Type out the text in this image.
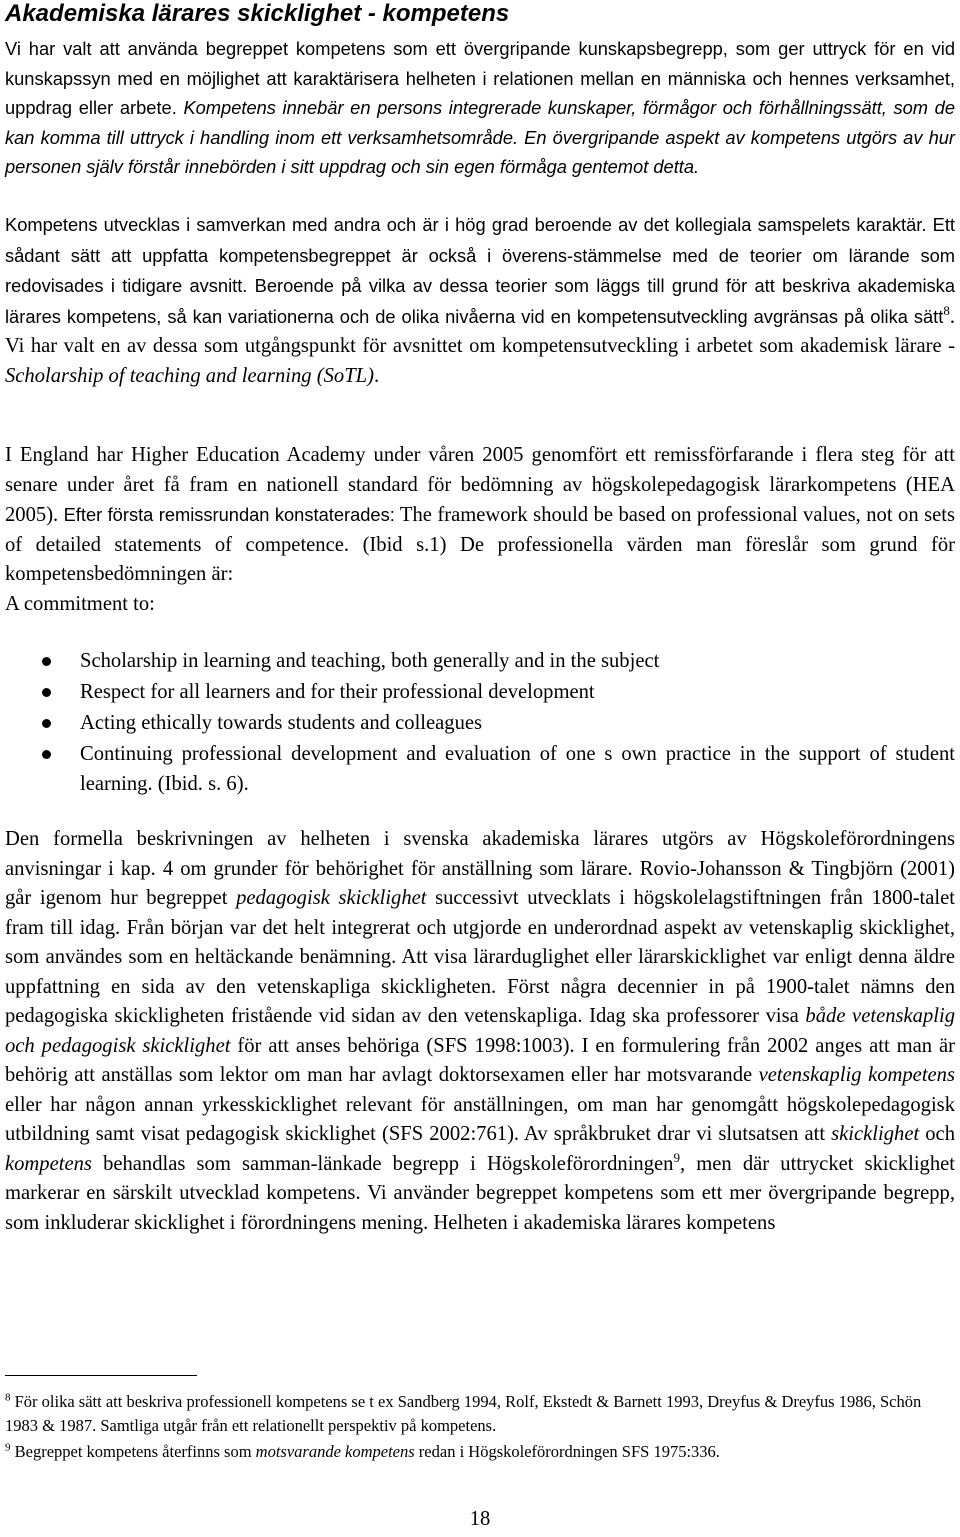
Akademiska lärares skicklighet - kompetens

Vi har valt att använda begreppet kompetens som ett övergripande kunskapsbegrepp, som ger uttryck för en vid kunskapssyn med en möjlighet att karaktärisera helheten i relationen mellan en människa och hennes verksamhet, uppdrag eller arbete. Kompetens innebär en persons integrerade kunskaper, förmågor och förhållningssätt, som de kan komma till uttryck i handling inom ett verksamhetsområde. En övergripande aspekt av kompetens utgörs av hur personen själv förstår innebörden i sitt uppdrag och sin egen förmåga gentemot detta.

Kompetens utvecklas i samverkan med andra och är i hög grad beroende av det kollegiala samspelets karaktär. Ett sådant sätt att uppfatta kompetensbegreppet är också i överens-stämmelse med de teorier om lärande som redovisades i tidigare avsnitt. Beroende på vilka av dessa teorier som läggs till grund för att beskriva akademiska lärares kompetens, så kan variationerna och de olika nivåerna vid en kompetensutveckling avgränsas på olika sätt$^8$. Vi har valt en av dessa som utgångspunkt för avsnittet om kompetensutveckling i arbetet som akademisk lärare - Scholarship of teaching and learning (SoTL).

I England har Higher Education Academy under våren 2005 genomfört ett remissförfarande i flera steg för att senare under året få fram en nationell standard för bedömning av högskolepedagogisk lärarkompetens (HEA 2005). Efter första remissrundan konstaterades: The framework should be based on professional values, not on sets of detailed statements of competence. (Ibid s.1) De professionella värden man föreslår som grund för kompetensbedömningen är:
A commitment to:

Scholarship in learning and teaching, both generally and in the subject
Respect for all learners and for their professional development
Acting ethically towards students and colleagues
Continuing professional development and evaluation of one s own practice in the support of student learning. (Ibid. s. 6).

Den formella beskrivningen av helheten i svenska akademiska lärares utgörs av Högskoleförordningens anvisningar i kap. 4 om grunder för behörighet för anställning som lärare. Rovio-Johansson & Tingbjörn (2001) går igenom hur begreppet pedagogisk skicklighet successivt utvecklats i högskolelagstiftningen från 1800-talet fram till idag. Från början var det helt integrerat och utgjorde en underordnad aspekt av vetenskaplig skicklighet, som användes som en heltäckande benämning. Att visa lärarduglighet eller lärarskicklighet var enligt denna äldre uppfattning en sida av den vetenskapliga skickligheten. Först några decennier in på 1900-talet nämns den pedagogiska skickligheten fristående vid sidan av den vetenskapliga. Idag ska professorer visa både vetenskaplig och pedagogisk skicklighet för att anses behöriga (SFS 1998:1003). I en formulering från 2002 anges att man är behörig att anställas som lektor om man har avlagt doktorsexamen eller har motsvarande vetenskaplig kompetens eller har någon annan yrkesskicklighet relevant för anställningen, om man har genomgått högskolepedagogisk utbildning samt visat pedagogisk skicklighet (SFS 2002:761). Av språkbruket drar vi slutsatsen att skicklighet och kompetens behandlas som samman-länkade begrepp i Högskoleförordningen$^9$, men där uttrycket skicklighet markerar en särskilt utvecklad kompetens. Vi använder begreppet kompetens som ett mer övergripande begrepp, som inkluderar skicklighet i förordningens mening. Helheten i akademiska lärares kompetens

$^8$ För olika sätt att beskriva professionell kompetens se t ex Sandberg 1994, Rolf, Ekstedt & Barnett 1993, Dreyfus & Dreyfus 1986, Schön 1983 & 1987. Samtliga utgår från ett relationellt perspektiv på kompetens.

$^9$ Begreppet kompetens återfinns som motsvarande kompetens redan i Högskoleförordningen SFS 1975:336.

18
